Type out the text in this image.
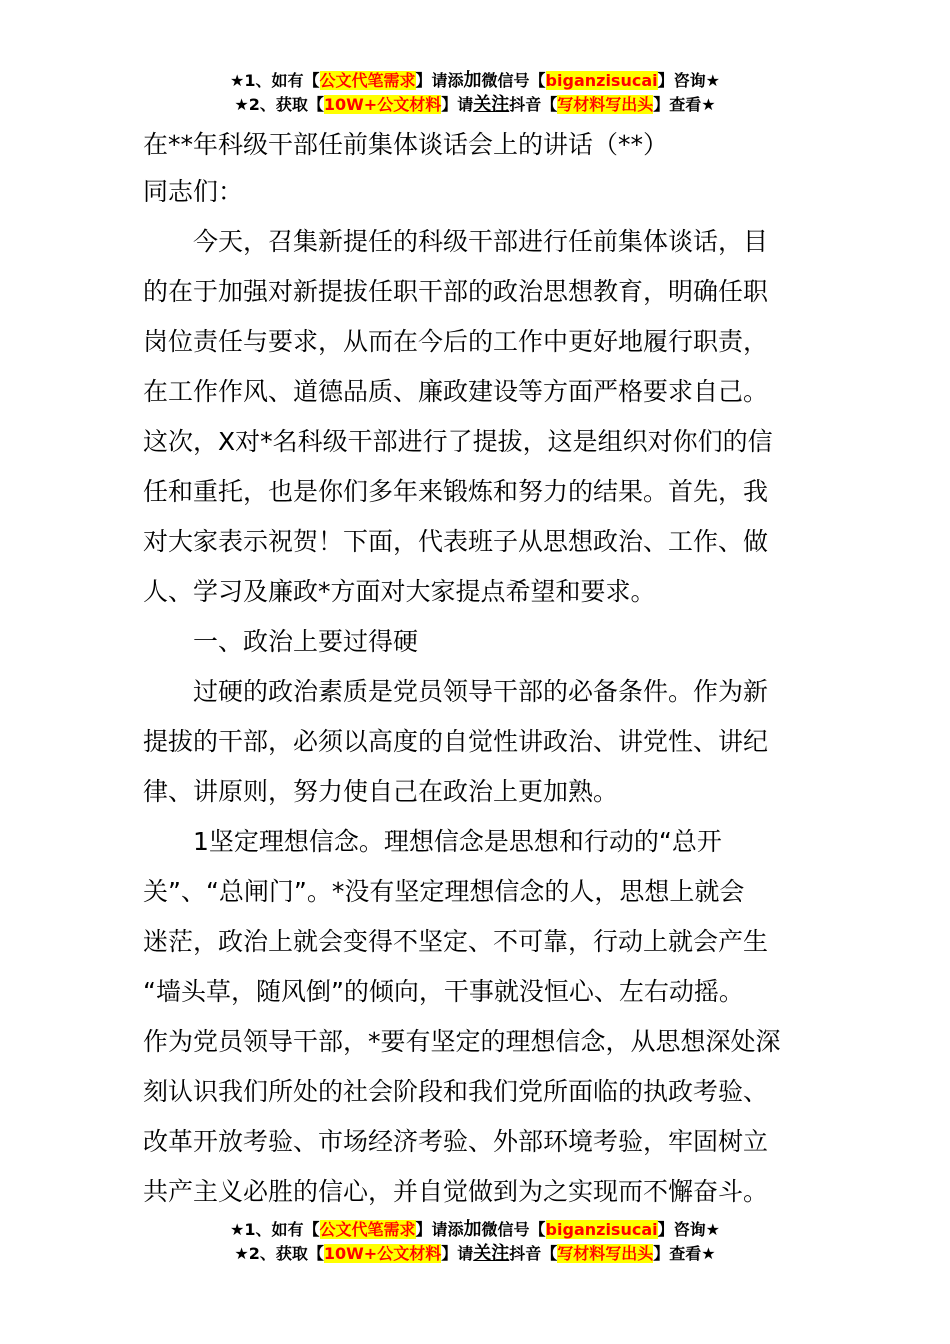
★1、如有【公文代笔需求】请添加微信号【biganzisucai】咨询★
★2、获取【10W+公文材料】请关注抖音【写材料写出头】查看★
在**年科级干部任前集体谈话会上的讲话（**）
同志们：
今天，召集新提任的科级干部进行任前集体谈话，目
的在于加强对新提拔任职干部的政治思想教育，明确任职
岗位责任与要求，从而在今后的工作中更好地履行职责，
在工作作风、道德品质、廉政建设等方面严格要求自己。
这次，X对*名科级干部进行了提拔，这是组织对你们的信
任和重托，也是你们多年来锻炼和努力的结果。首先，我
对大家表示祝贺！下面，代表班子从思想政治、工作、做
人、学习及廉政*方面对大家提点希望和要求。
一、政治上要过得硬
过硬的政治素质是党员领导干部的必备条件。作为新
提拔的干部，必须以高度的自觉性讲政治、讲党性、讲纪
律、讲原则，努力使自己在政治上更加熟。
1坚定理想信念。理想信念是思想和行动的“总开
关”、“总闸门”。*没有坚定理想信念的人，思想上就会
迷茫，政治上就会变得不坚定、不可靠，行动上就会产生
“墙头草，随风倒”的倾向，干事就没恒心、左右动摇。
作为党员领导干部，*要有坚定的理想信念，从思想深处深
刻认识我们所处的社会阶段和我们党所面临的执政考验、
改革开放考验、市场经济考验、外部环境考验，牢固树立
共产主义必胜的信心，并自觉做到为之实现而不懈奋斗。
★1、如有【公文代笔需求】请添加微信号【biganzisucai】咨询★
★2、获取【10W+公文材料】请关注抖音【写材料写出头】查看★
